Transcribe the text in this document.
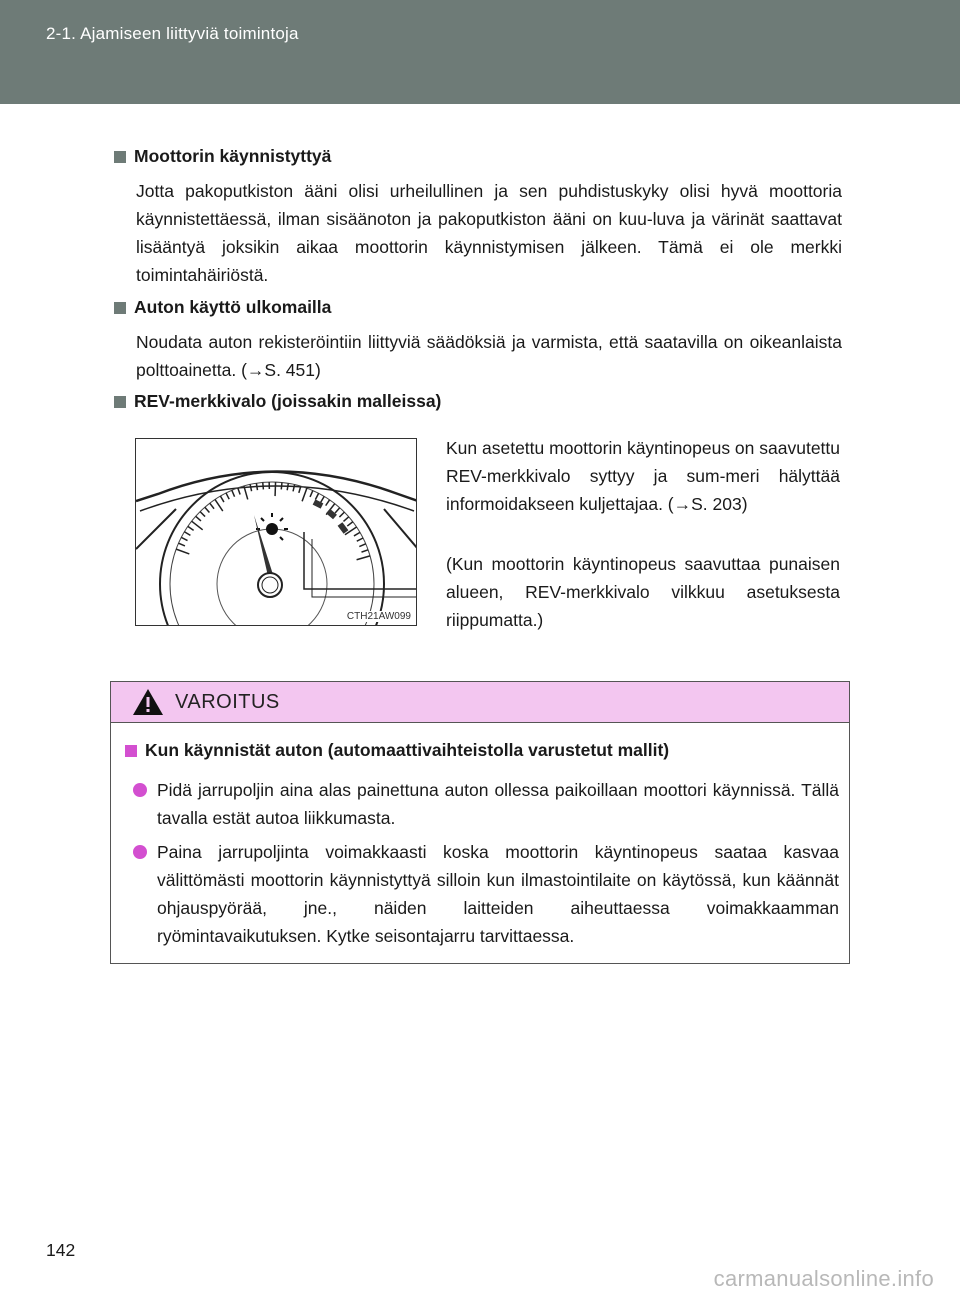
2-1. Ajamiseen liittyviä toimintoja
Moottorin käynnistyttyä
Jotta pakoputkiston ääni olisi urheilullinen ja sen puhdistuskyky olisi hyvä moottoria käynnistettäessä, ilman sisäänoton ja pakoputkiston ääni on kuu-luva ja värinät saattavat lisääntyä joksikin aikaa moottorin käynnistymisen jälkeen. Tämä ei ole merkki toimintahäiriöstä.
Auton käyttö ulkomailla
Noudata auton rekisteröintiin liittyviä säädöksiä ja varmista, että saatavilla on oikeanlaista polttoainetta. (→S. 451)
REV-merkkivalo (joissakin malleissa)
CTH21AW099
Kun asetettu moottorin käyntinopeus on saavutettu REV-merkkivalo syttyy ja sum-meri hälyttää informoidakseen kuljettajaa. (→S. 203)
(Kun moottorin käyntinopeus saavuttaa punaisen alueen, REV-merkkivalo vilkkuu asetuksesta riippumatta.)
VAROITUS
Kun käynnistät auton (automaattivaihteistolla varustetut mallit)
Pidä jarrupoljin aina alas painettuna auton ollessa paikoillaan moottori käynnissä. Tällä tavalla estät autoa liikkumasta.
Paina jarrupoljinta voimakkaasti koska moottorin käyntinopeus saataa kasvaa välittömästi moottorin käynnistyttyä silloin kun ilmastointilaite on käytössä, kun käännät ohjauspyörää, jne., näiden laitteiden aiheuttaessa voimakkaamman ryömintavaikutuksen. Kytke seisontajarru tarvittaessa.
142
carmanualsonline.info
